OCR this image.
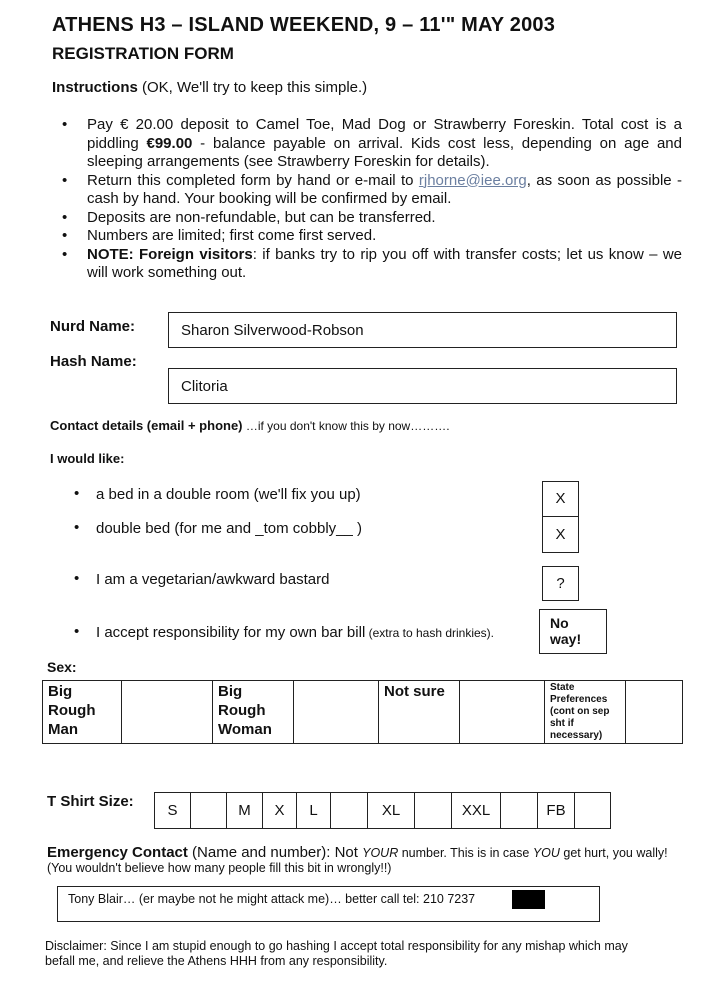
ATHENS H3 – ISLAND WEEKEND, 9 – 11'" MAY 2003
REGISTRATION FORM
Instructions (OK, We'll try to keep this simple.)
• Pay € 20.00 deposit to Camel Toe, Mad Dog or Strawberry Foreskin. Total cost is a piddling €99.00 - balance payable on arrival. Kids cost less, depending on age and sleeping arrangements (see Strawberry Foreskin for details).
• Return this completed form by hand or e-mail to rjhorne@iee.org, as soon as possible - cash by hand. Your booking will be confirmed by email.
• Deposits are non-refundable, but can be transferred.
• Numbers are limited; first come first served.
• NOTE: Foreign visitors: if banks try to rip you off with transfer costs; let us know – we will work something out.
Nurd Name:	Sharon Silverwood-Robson
Hash Name:
Clitoria
Contact details (email + phone) …if you don't know this by now……….
I would like:
• a bed in a double room (we'll fix you up)	X
• double bed (for me and _tom cobbly__ )	X
• I am a vegetarian/awkward bastard	?
• I accept responsibility for my own bar bill (extra to hash drinkies).
No way!
Sex:
Big Rough Man		Big Rough Woman		Not sure		State Preferences (cont on sep sht if necessary)	
T Shirt Size:
S		M	X	L		XL		XXL		FB	
Emergency Contact (Name and number): Not YOUR number. This is in case YOU get hurt, you wally! (You wouldn't believe how many people fill this bit in wrongly!!)
Tony Blair… (er maybe not he might attack me)… better call tel: 210 7237
Disclaimer: Since I am stupid enough to go hashing I accept total responsibility for any mishap which may befall me, and relieve the Athens HHH from any responsibility.
